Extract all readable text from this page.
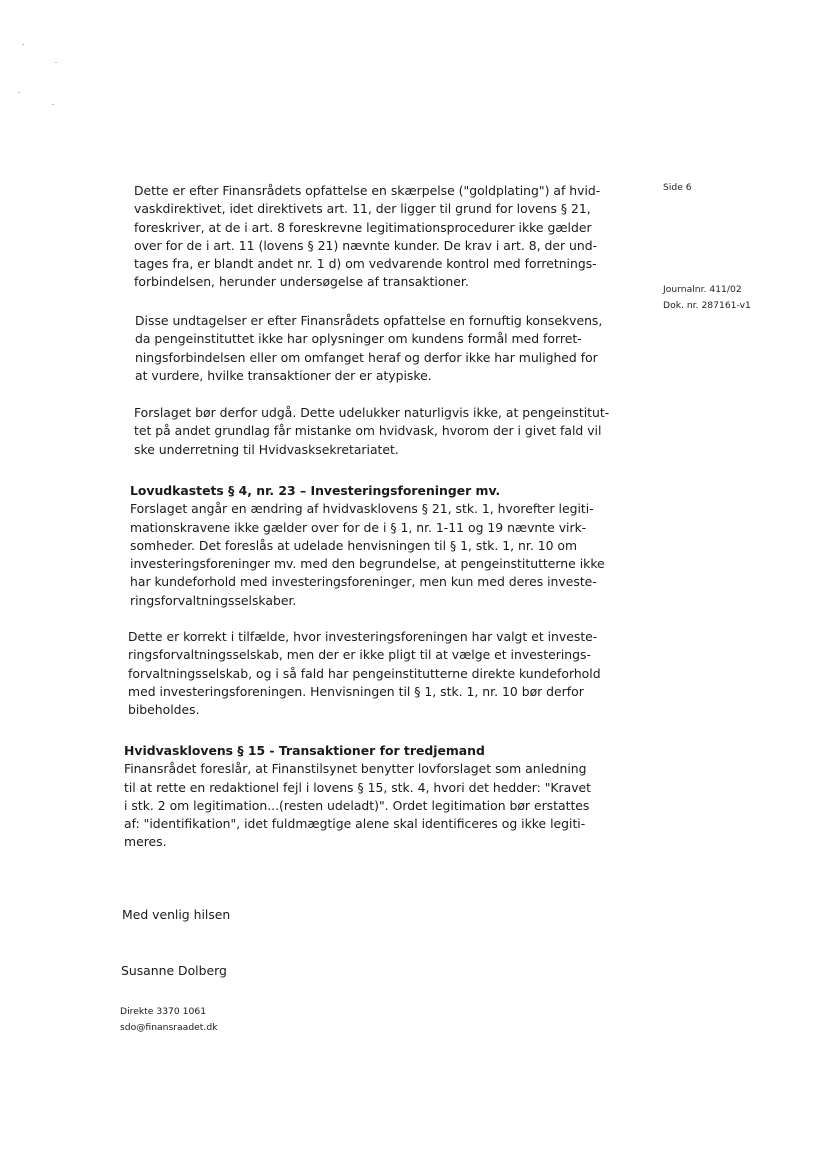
Side 6
Journalnr. 411/02
Dok. nr. 287161-v1

Dette er efter Finansrådets opfattelse en skærpelse ("goldplating") af hvid-

vaskdirektivet, idet direktivets art. 11, der ligger til grund for lovens § 21,

foreskriver, at de i art. 8 foreskrevne legitimationsprocedurer ikke gælder

over for de i art. 11 (lovens § 21) nævnte kunder. De krav i art. 8, der und-

tages fra, er blandt andet nr. 1 d) om vedvarende kontrol med forretnings-

forbindelsen, herunder undersøgelse af transaktioner.

Disse undtagelser er efter Finansrådets opfattelse en fornuftig konsekvens,

da pengeinstituttet ikke har oplysninger om kundens formål med forret-

ningsforbindelsen eller om omfanget heraf og derfor ikke har mulighed for

at vurdere, hvilke transaktioner der er atypiske.

Forslaget bør derfor udgå. Dette udelukker naturligvis ikke, at pengeinstitut-

tet på andet grundlag får mistanke om hvidvask, hvorom der i givet fald vil

ske underretning til Hvidvasksekretariatet.

Lovudkastets § 4, nr. 23 – Investeringsforeninger mv.

Forslaget angår en ændring af hvidvasklovens § 21, stk. 1, hvorefter legiti-

mationskravene ikke gælder over for de i § 1, nr. 1-11 og 19 nævnte virk-

somheder. Det foreslås at udelade henvisningen til § 1, stk. 1, nr. 10 om

investeringsforeninger mv. med den begrundelse, at pengeinstitutterne ikke

har kundeforhold med investeringsforeninger, men kun med deres investe-

ringsforvaltningsselskaber.

Dette er korrekt i tilfælde, hvor investeringsforeningen har valgt et investe-

ringsforvaltningsselskab, men der er ikke pligt til at vælge et investerings-

forvaltningsselskab, og i så fald har pengeinstitutterne direkte kundeforhold

med investeringsforeningen. Henvisningen til § 1, stk. 1, nr. 10 bør derfor

bibeholdes.

Hvidvasklovens § 15 - Transaktioner for tredjemand

Finansrådet foreslår, at Finanstilsynet benytter lovforslaget som anledning

til at rette en redaktionel fejl i lovens § 15, stk. 4, hvori det hedder: "Kravet

i stk. 2 om legitimation...(resten udeladt)". Ordet legitimation bør erstattes

af: "identifikation", idet fuldmægtige alene skal identificeres og ikke legiti-

meres.

Med venlig hilsen
Susanne Dolberg
Direkte 3370 1061
sdo@finansraadet.dk
